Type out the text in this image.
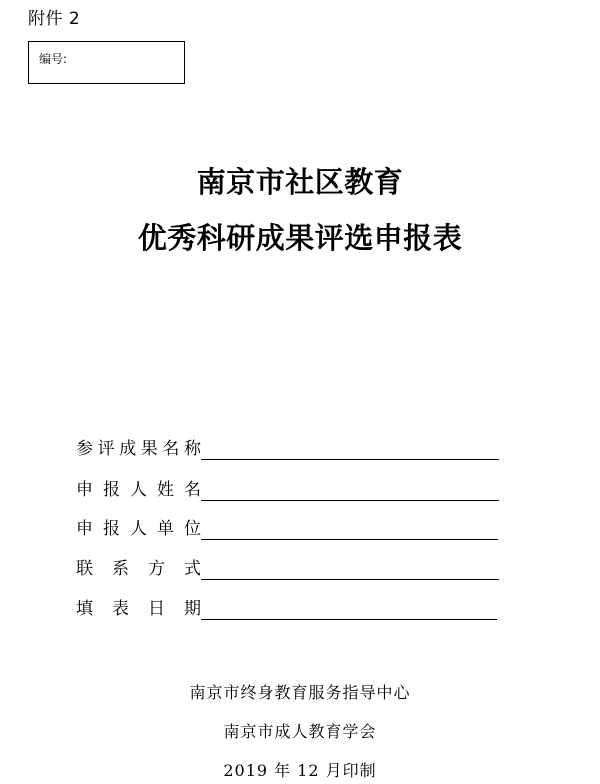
附件 2
编号:
南京市社区教育
优秀科研成果评选申报表
参 评 成 果 名 称
申 报 人 姓 名
申 报 人 单 位
联 系 方 式
填 表 日 期
南京市终身教育服务指导中心
南京市成人教育学会
2019 年 12 月印制
